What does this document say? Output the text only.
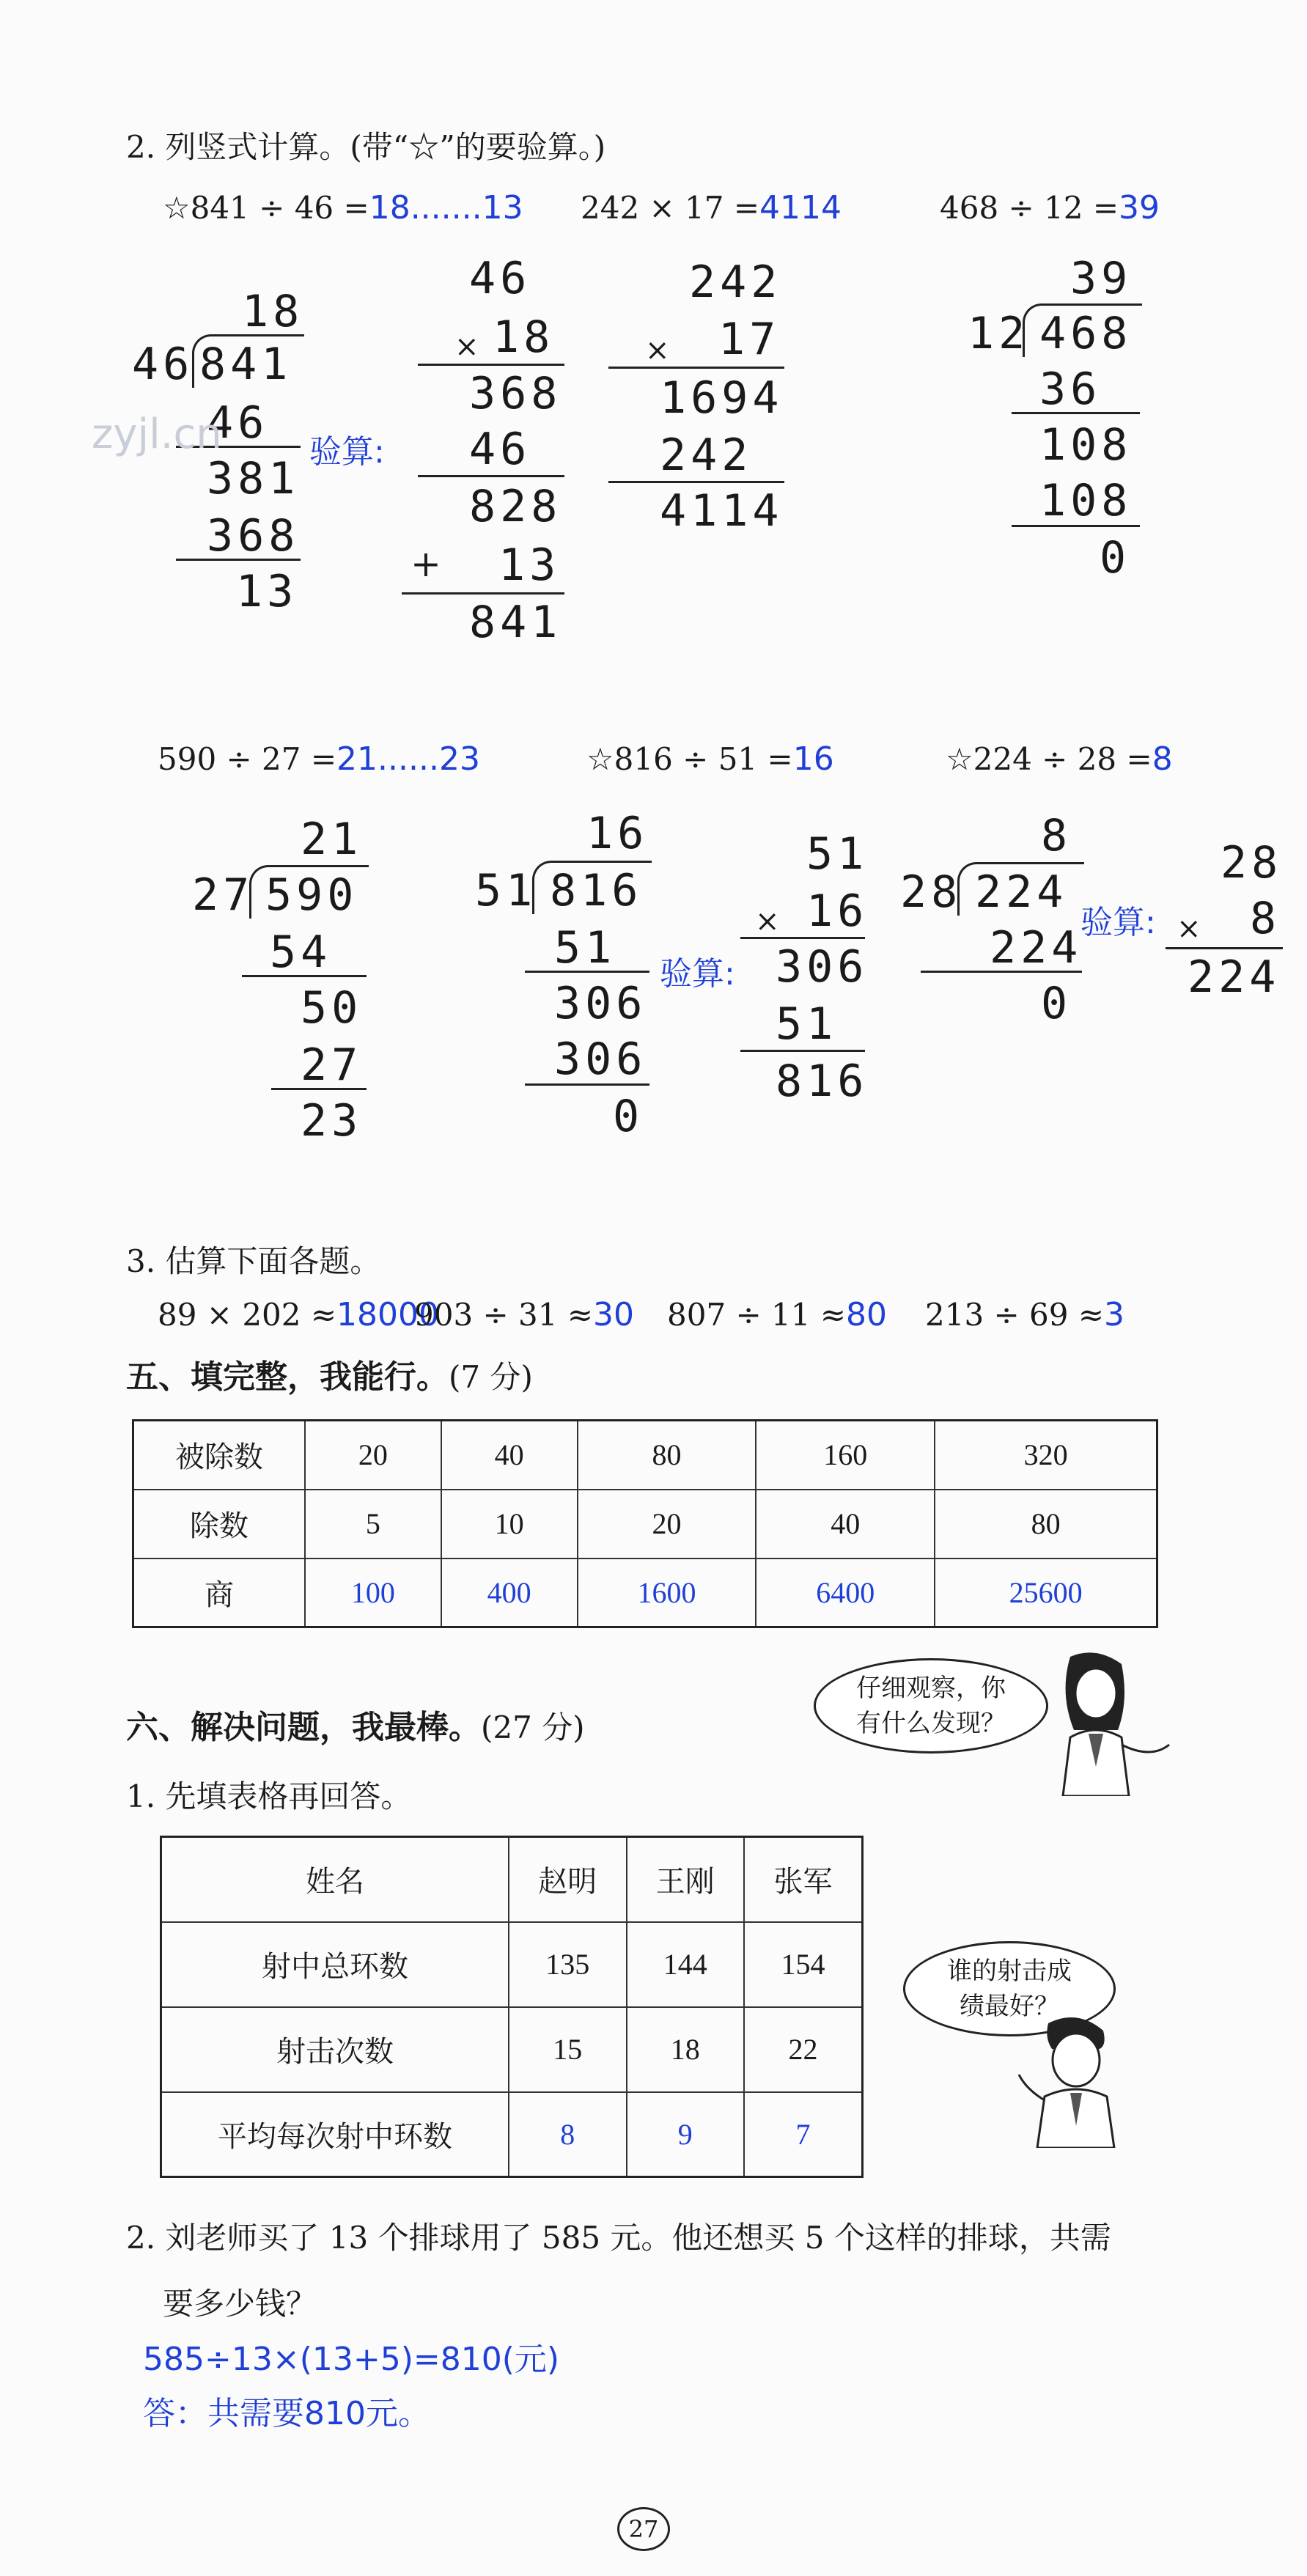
2. 列竖式计算。(带“☆”的要验算。)
☆841 ÷ 46 =18.......13 242 × 17 =4114	468 ÷ 12 =39
18
46 841
46
381
368
13
zyjl.cn	验算:
46
× 18
368
46
828
+ 13
841
242
× 17
1694
242
4114
39
12 468
36
108
108
0
590 ÷ 27 =21......23	☆816 ÷ 51 =16	☆224 ÷ 28 =8
21
27 590
54
50
27
23
16
51 816
51
306
306
0
验算:
51
× 16
306
51
816
8
28 224
224
0
验算:
28
× 8
224
3. 估算下面各题。
89 × 202 ≈18000
903 ÷ 31 ≈30 807 ÷ 11 ≈80 213 ÷ 69 ≈3
五、填完整，我能行。(7 分)
被除数	20	40	80	160	320
除数	5	10	20	40	80
商	100	400	1600	6400	25600
仔细观察，你
有什么发现？
六、解决问题，我最棒。(27 分)
1. 先填表格再回答。
姓名	赵明	王刚	张军
射中总环数	135	144	154
射击次数	15	18	22
平均每次射中环数	8	9	7
谁的射击成
绩最好？
2. 刘老师买了 13 个排球用了 585 元。他还想买 5 个这样的排球，共需
要多少钱？
585÷13×(13+5)=810(元)
答：共需要810元。
27
